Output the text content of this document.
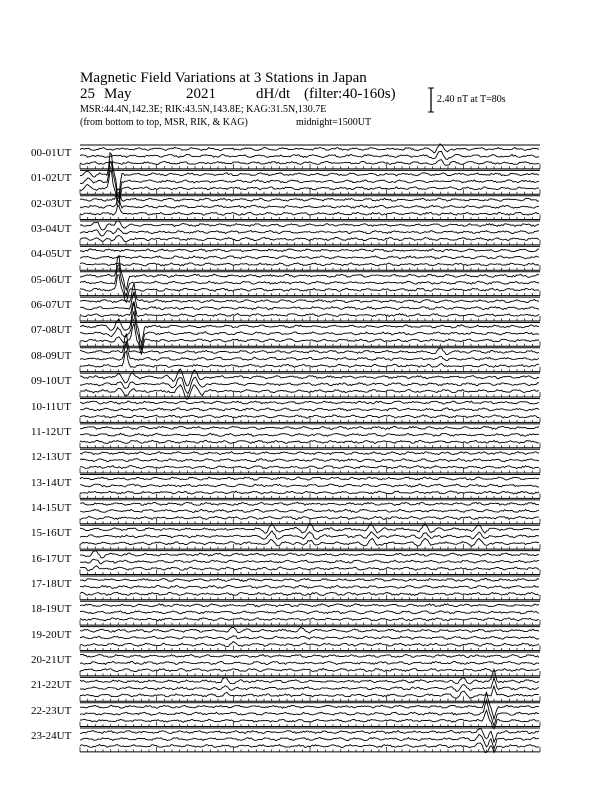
Magnetic Field Variations at 3 Stations in Japan
25 May	2021	dH/dt (filter:40-160s)
MSR:44.4N,142.3E; RIK:43.5N,143.8E; KAG:31.5N,130.7E
(from bottom to top, MSR, RIK, & KAG)	midnight=1500UT
2.40 nT at T=80s
00-01UT
01-02UT
02-03UT
03-04UT
04-05UT
05-06UT
06-07UT
07-08UT
08-09UT
09-10UT
10-11UT
11-12UT
12-13UT
13-14UT
14-15UT
15-16UT
16-17UT
17-18UT
18-19UT
19-20UT
20-21UT
21-22UT
22-23UT
23-24UT
